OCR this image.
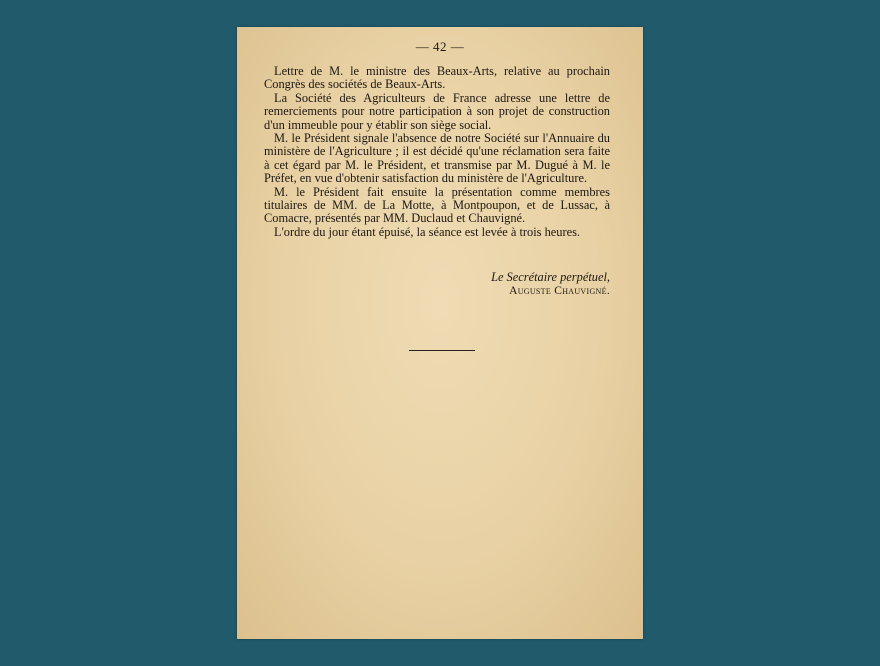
— 42 —

Lettre de M. le ministre des Beaux-Arts, relative au prochain Congrès des sociétés de Beaux-Arts.

La Société des Agriculteurs de France adresse une lettre de remerciements pour notre participation à son projet de construction d'un immeuble pour y établir son siège social.

M. le Président signale l'absence de notre Société sur l'Annuaire du ministère de l'Agriculture ; il est décidé qu'une réclamation sera faite à cet égard par M. le Président, et transmise par M. Dugué à M. le Préfet, en vue d'obtenir satisfaction du ministère de l'Agriculture.

M. le Président fait ensuite la présentation comme membres titulaires de MM. de La Motte, à Montpoupon, et de Lussac, à Comacre, présentés par MM. Duclaud et Chauvigné.

L'ordre du jour étant épuisé, la séance est levée à trois heures.

Le Secrétaire perpétuel,
Auguste Chauvigné.
